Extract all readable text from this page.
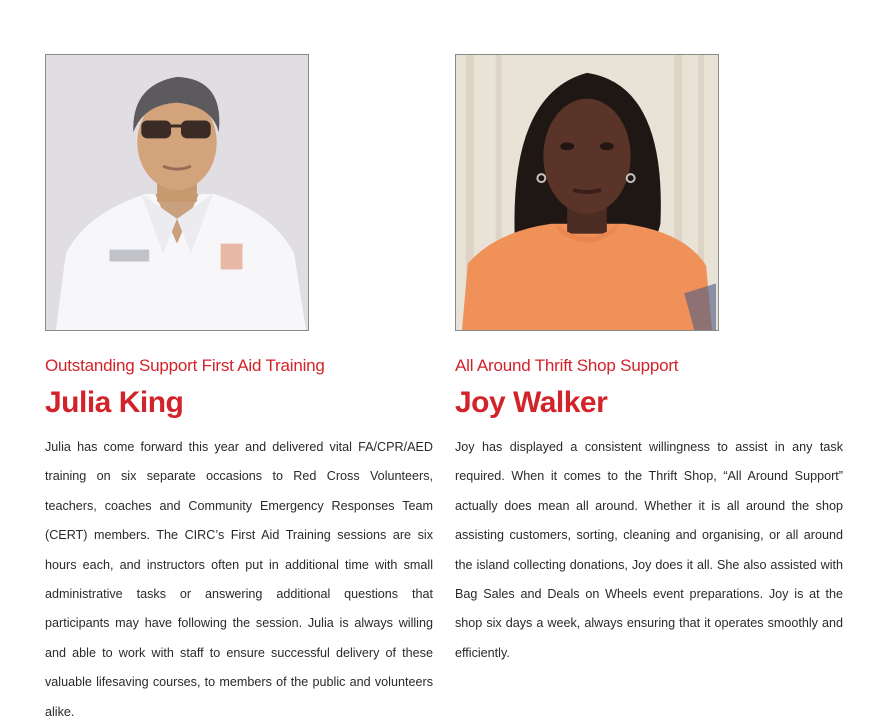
Outstanding Support First Aid Training
Julia King

Julia has come forward this year and delivered vital FA/CPR/AED training on six separate occasions to Red Cross Volunteers, teachers, coaches and Community Emergency Responses Team (CERT) members. The CIRC’s First Aid Training sessions are six hours each, and instructors often put in additional time with small administrative tasks or answering additional questions that participants may have following the session. Julia is always willing and able to work with staff to ensure successful delivery of these valuable lifesaving courses, to members of the public and volunteers alike.

All Around Thrift Shop Support
Joy Walker

Joy has displayed a consistent willingness to assist in any task required. When it comes to the Thrift Shop, “All Around Support” actually does mean all around. Whether it is all around the shop assisting customers, sorting, cleaning and organising, or all around the island collecting donations, Joy does it all. She also assisted with Bag Sales and Deals on Wheels event preparations. Joy is at the shop six days a week, always ensuring that it operates smoothly and efficiently.
